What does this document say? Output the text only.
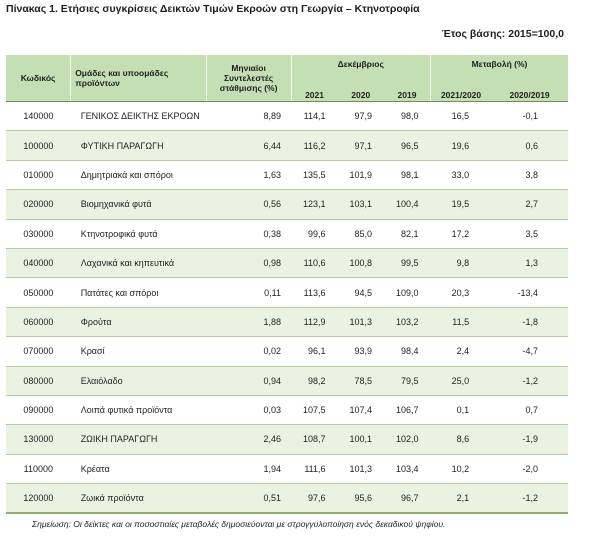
Πίνακας 1. Ετήσιες συγκρίσεις Δεικτών Τιμών Εκροών στη Γεωργία – Κτηνοτροφία
Έτος βάσης: 2015=100,0
Κωδικός	Ομάδες και υποομάδες προϊόντων	Μηνιαίοι Συντελεστές στάθμισης (%)	Δεκέμβριος			Μεταβολή (%)	
			2021	2020	2019	2021/2020	2020/2019
140000	ΓΕΝΙΚΟΣ ΔΕΙΚΤΗΣ ΕΚΡΟΩΝ	8,89	114,1	97,9	98,0	16,5	-0,1
100000	ΦΥΤΙΚΗ ΠΑΡΑΓΩΓΗ	6,44	116,2	97,1	96,5	19,6	0,6
010000	Δημητριακά και σπόροι	1,63	135,5	101,9	98,1	33,0	3,8
020000	Βιομηχανικά φυτά	0,56	123,1	103,1	100,4	19,5	2,7
030000	Κτηνοτροφικά φυτά	0,38	99,6	85,0	82,1	17,2	3,5
040000	Λαχανικά και κηπευτικά	0,98	110,6	100,8	99,5	9,8	1,3
050000	Πατάτες και σπόροι	0,11	113,6	94,5	109,0	20,3	-13,4
060000	Φρούτα	1,88	112,9	101,3	103,2	11,5	-1,8
070000	Κρασί	0,02	96,1	93,9	98,4	2,4	-4,7
080000	Ελαιόλαδο	0,94	98,2	78,5	79,5	25,0	-1,2
090000	Λοιπά φυτικά προϊόντα	0,03	107,5	107,4	106,7	0,1	0,7
130000	ΖΩΙΚΗ ΠΑΡΑΓΩΓΗ	2,46	108,7	100,1	102,0	8,6	-1,9
110000	Κρέατα	1,94	111,6	101,3	103,4	10,2	-2,0
120000	Ζωικά προϊόντα	0,51	97,6	95,6	96,7	2,1	-1,2
Σημείωση: Οι δείκτες και οι ποσοστιαίες μεταβολές δημοσιεύονται με στρογγυλοποίηση ενός δεκαδικού ψηφίου.
